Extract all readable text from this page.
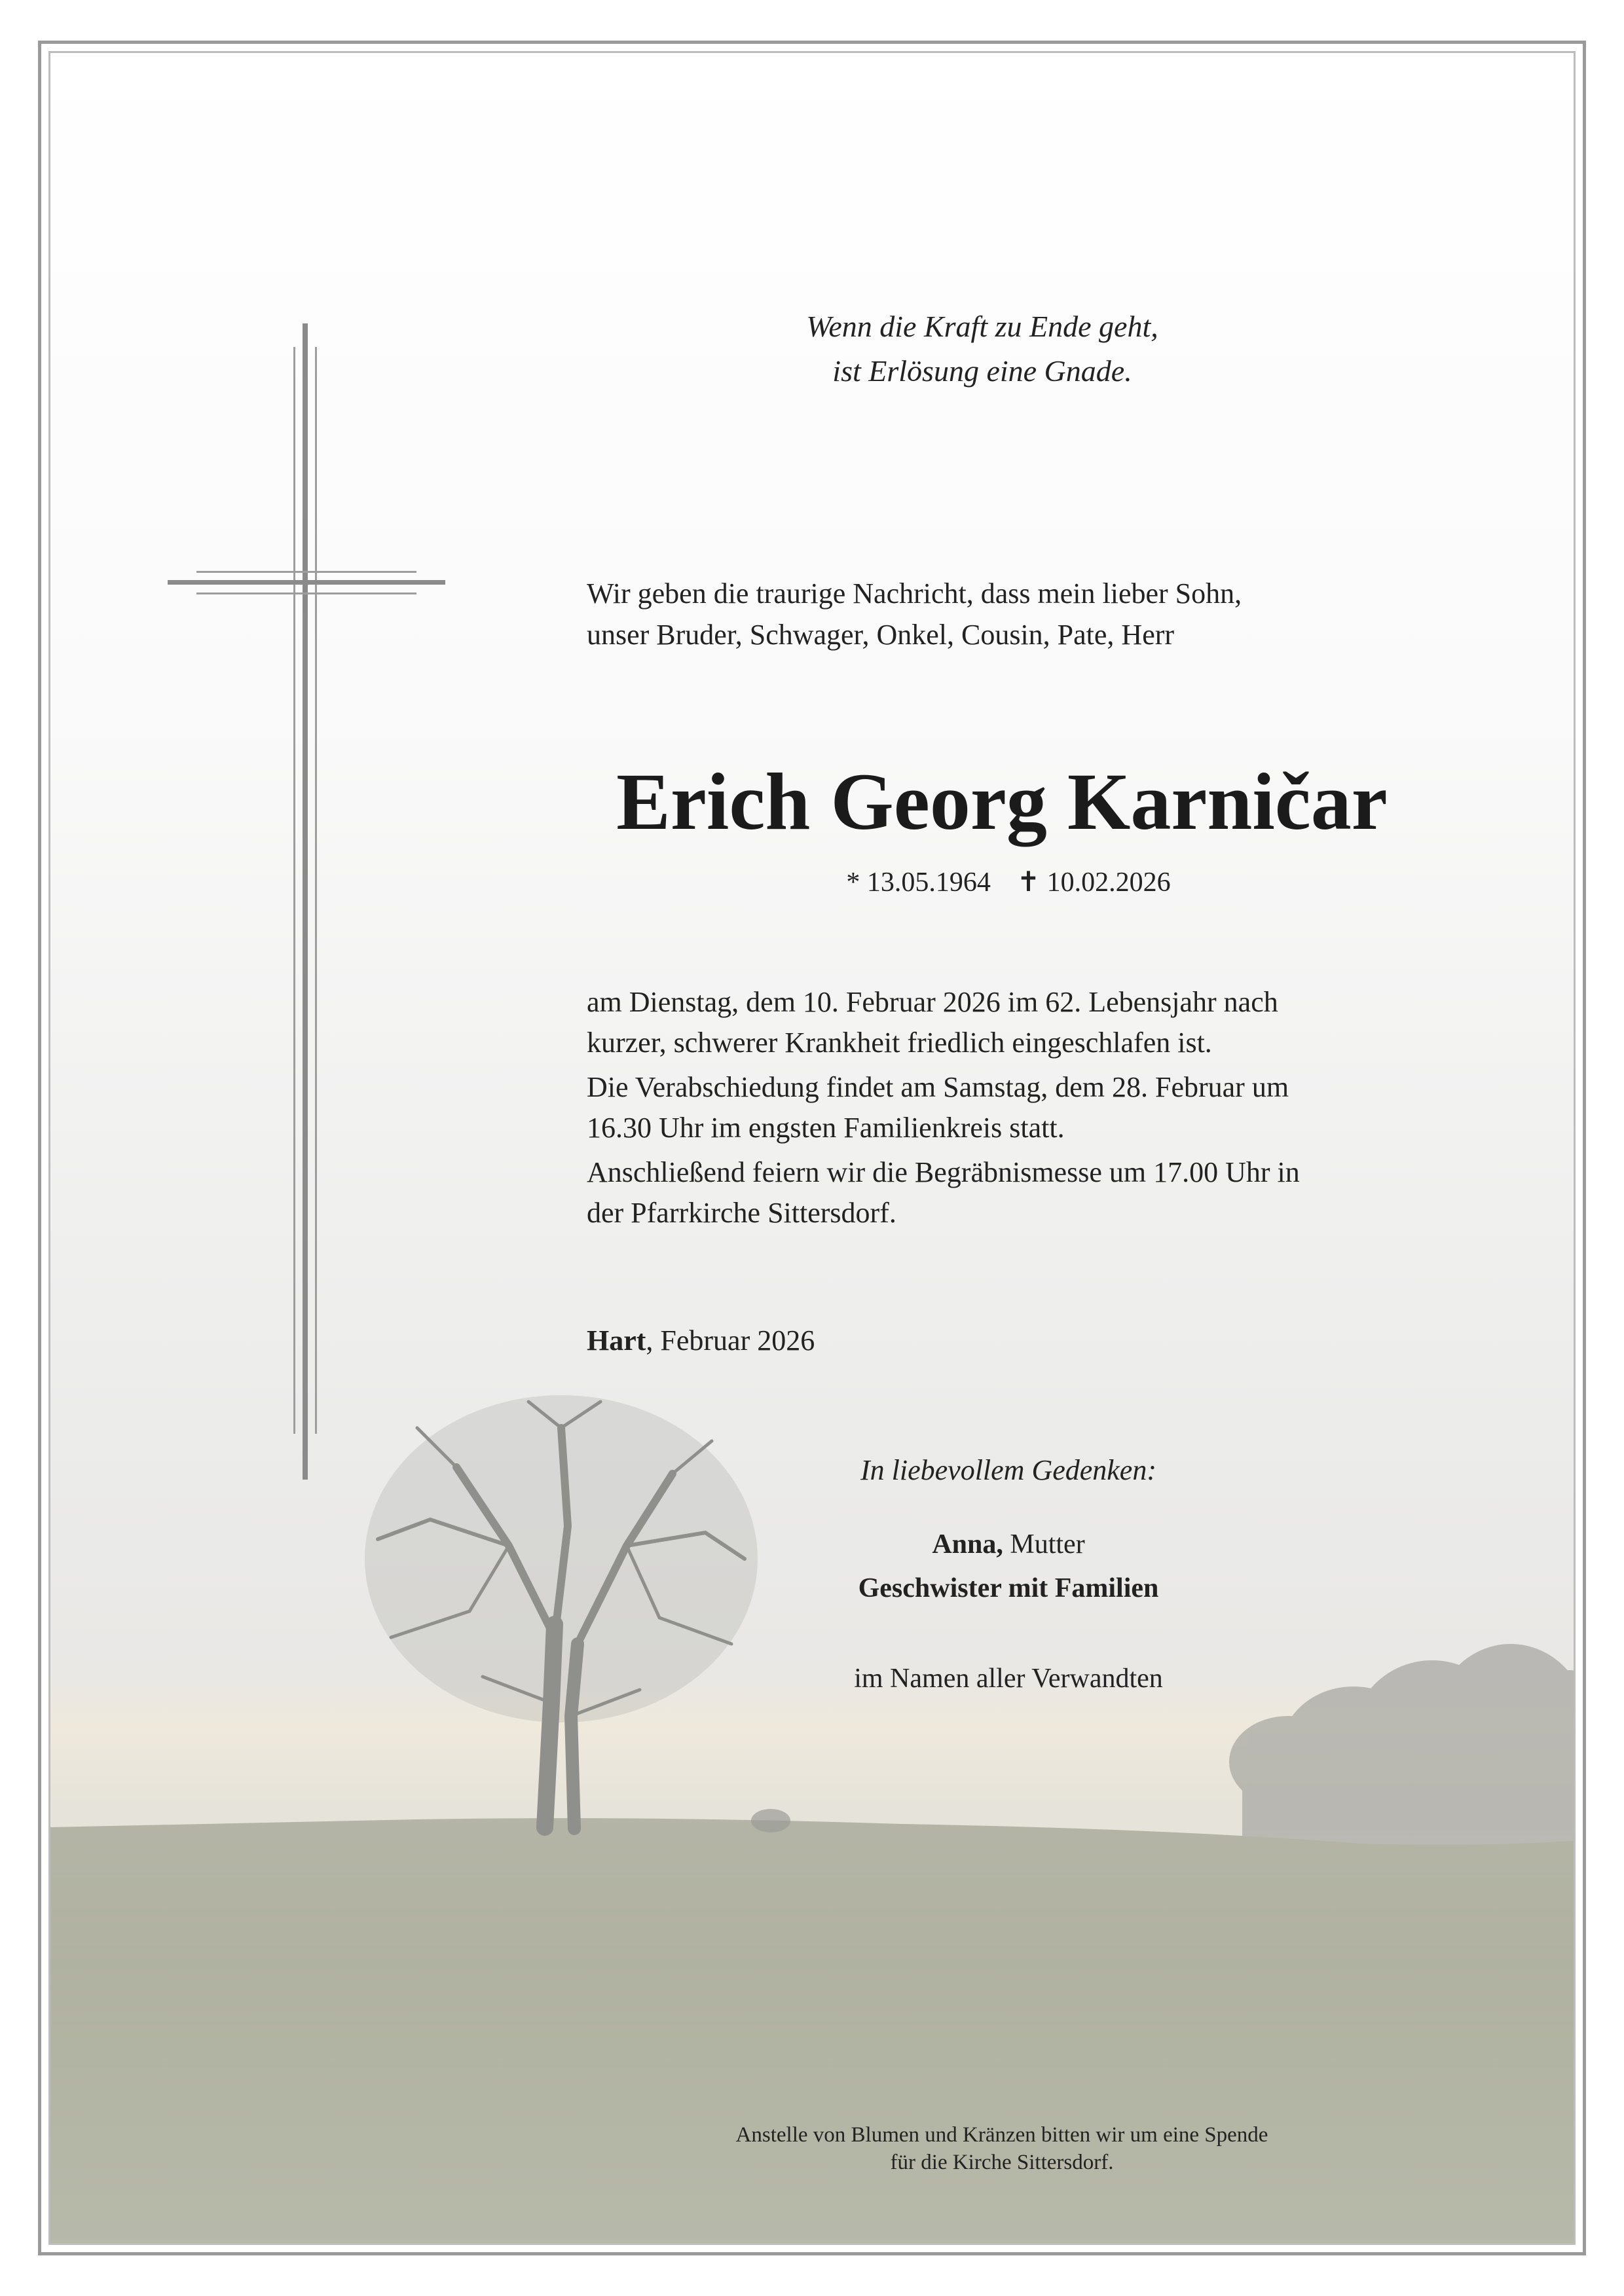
Wenn die Kraft zu Ende geht,
ist Erlösung eine Gnade.

Wir geben die traurige Nachricht, dass mein lieber Sohn,
unser Bruder, Schwager, Onkel, Cousin, Pate, Herr

Erich Georg Karničar

* 13.05.1964 ✝ 10.02.2026

am Dienstag, dem 10. Februar 2026 im 62. Lebensjahr nach
kurzer, schwerer Krankheit friedlich eingeschlafen ist.

Die Verabschiedung findet am Samstag, dem 28. Februar um
16.30 Uhr im engsten Familienkreis statt.

Anschließend feiern wir die Begräbnismesse um 17.00 Uhr in
der Pfarrkirche Sittersdorf.

Hart, Februar 2026

In liebevollem Gedenken:

Anna, Mutter

Geschwister mit Familien

im Namen aller Verwandten

Anstelle von Blumen und Kränzen bitten wir um eine Spende
für die Kirche Sittersdorf.
